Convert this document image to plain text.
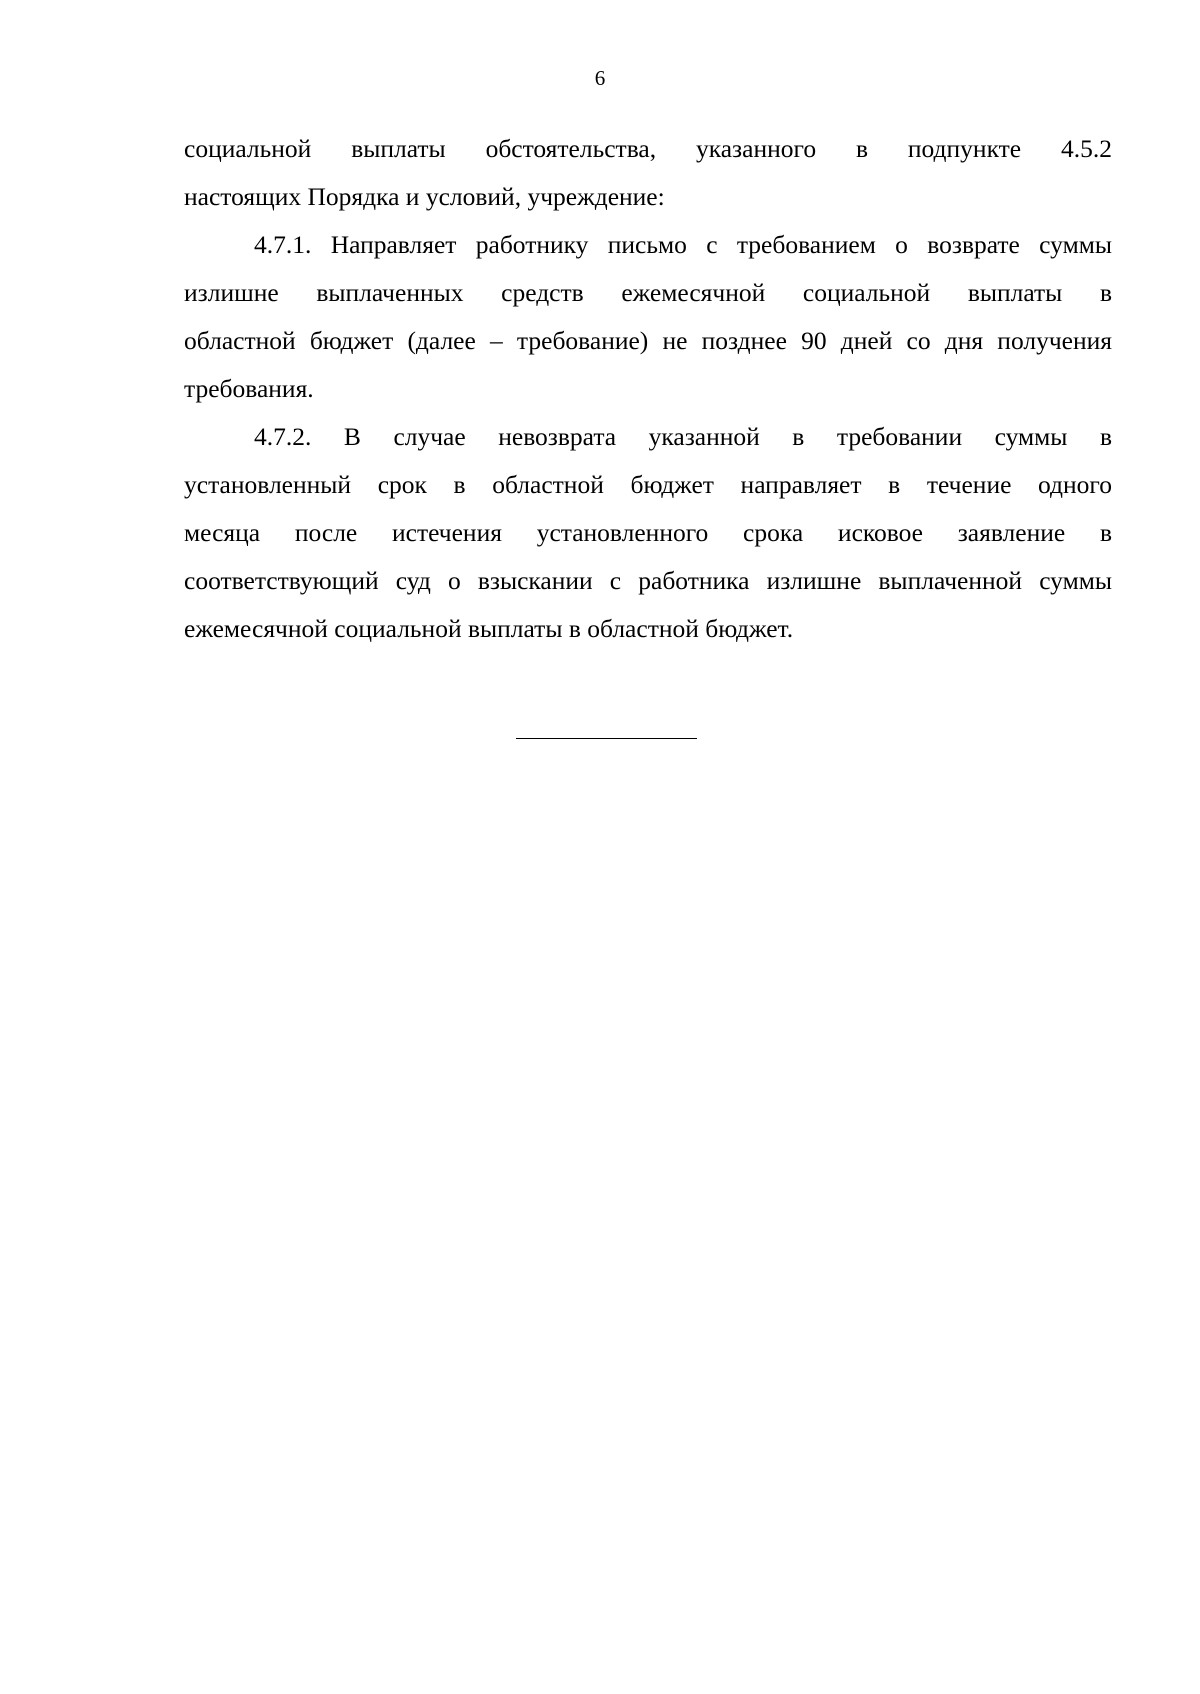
6

социальной выплаты обстоятельства, указанного в подпункте 4.5.2
настоящих Порядка и условий, учреждение:

4.7.1. Направляет работнику письмо с требованием о возврате суммы
излишне выплаченных средств ежемесячной социальной выплаты в
областной бюджет (далее – требование) не позднее 90 дней со дня получения
требования.

4.7.2. В случае невозврата указанной в требовании суммы в
установленный срок в областной бюджет направляет в течение одного
месяца после истечения установленного срока исковое заявление в
соответствующий суд о взыскании с работника излишне выплаченной суммы
ежемесячной социальной выплаты в областной бюджет.
